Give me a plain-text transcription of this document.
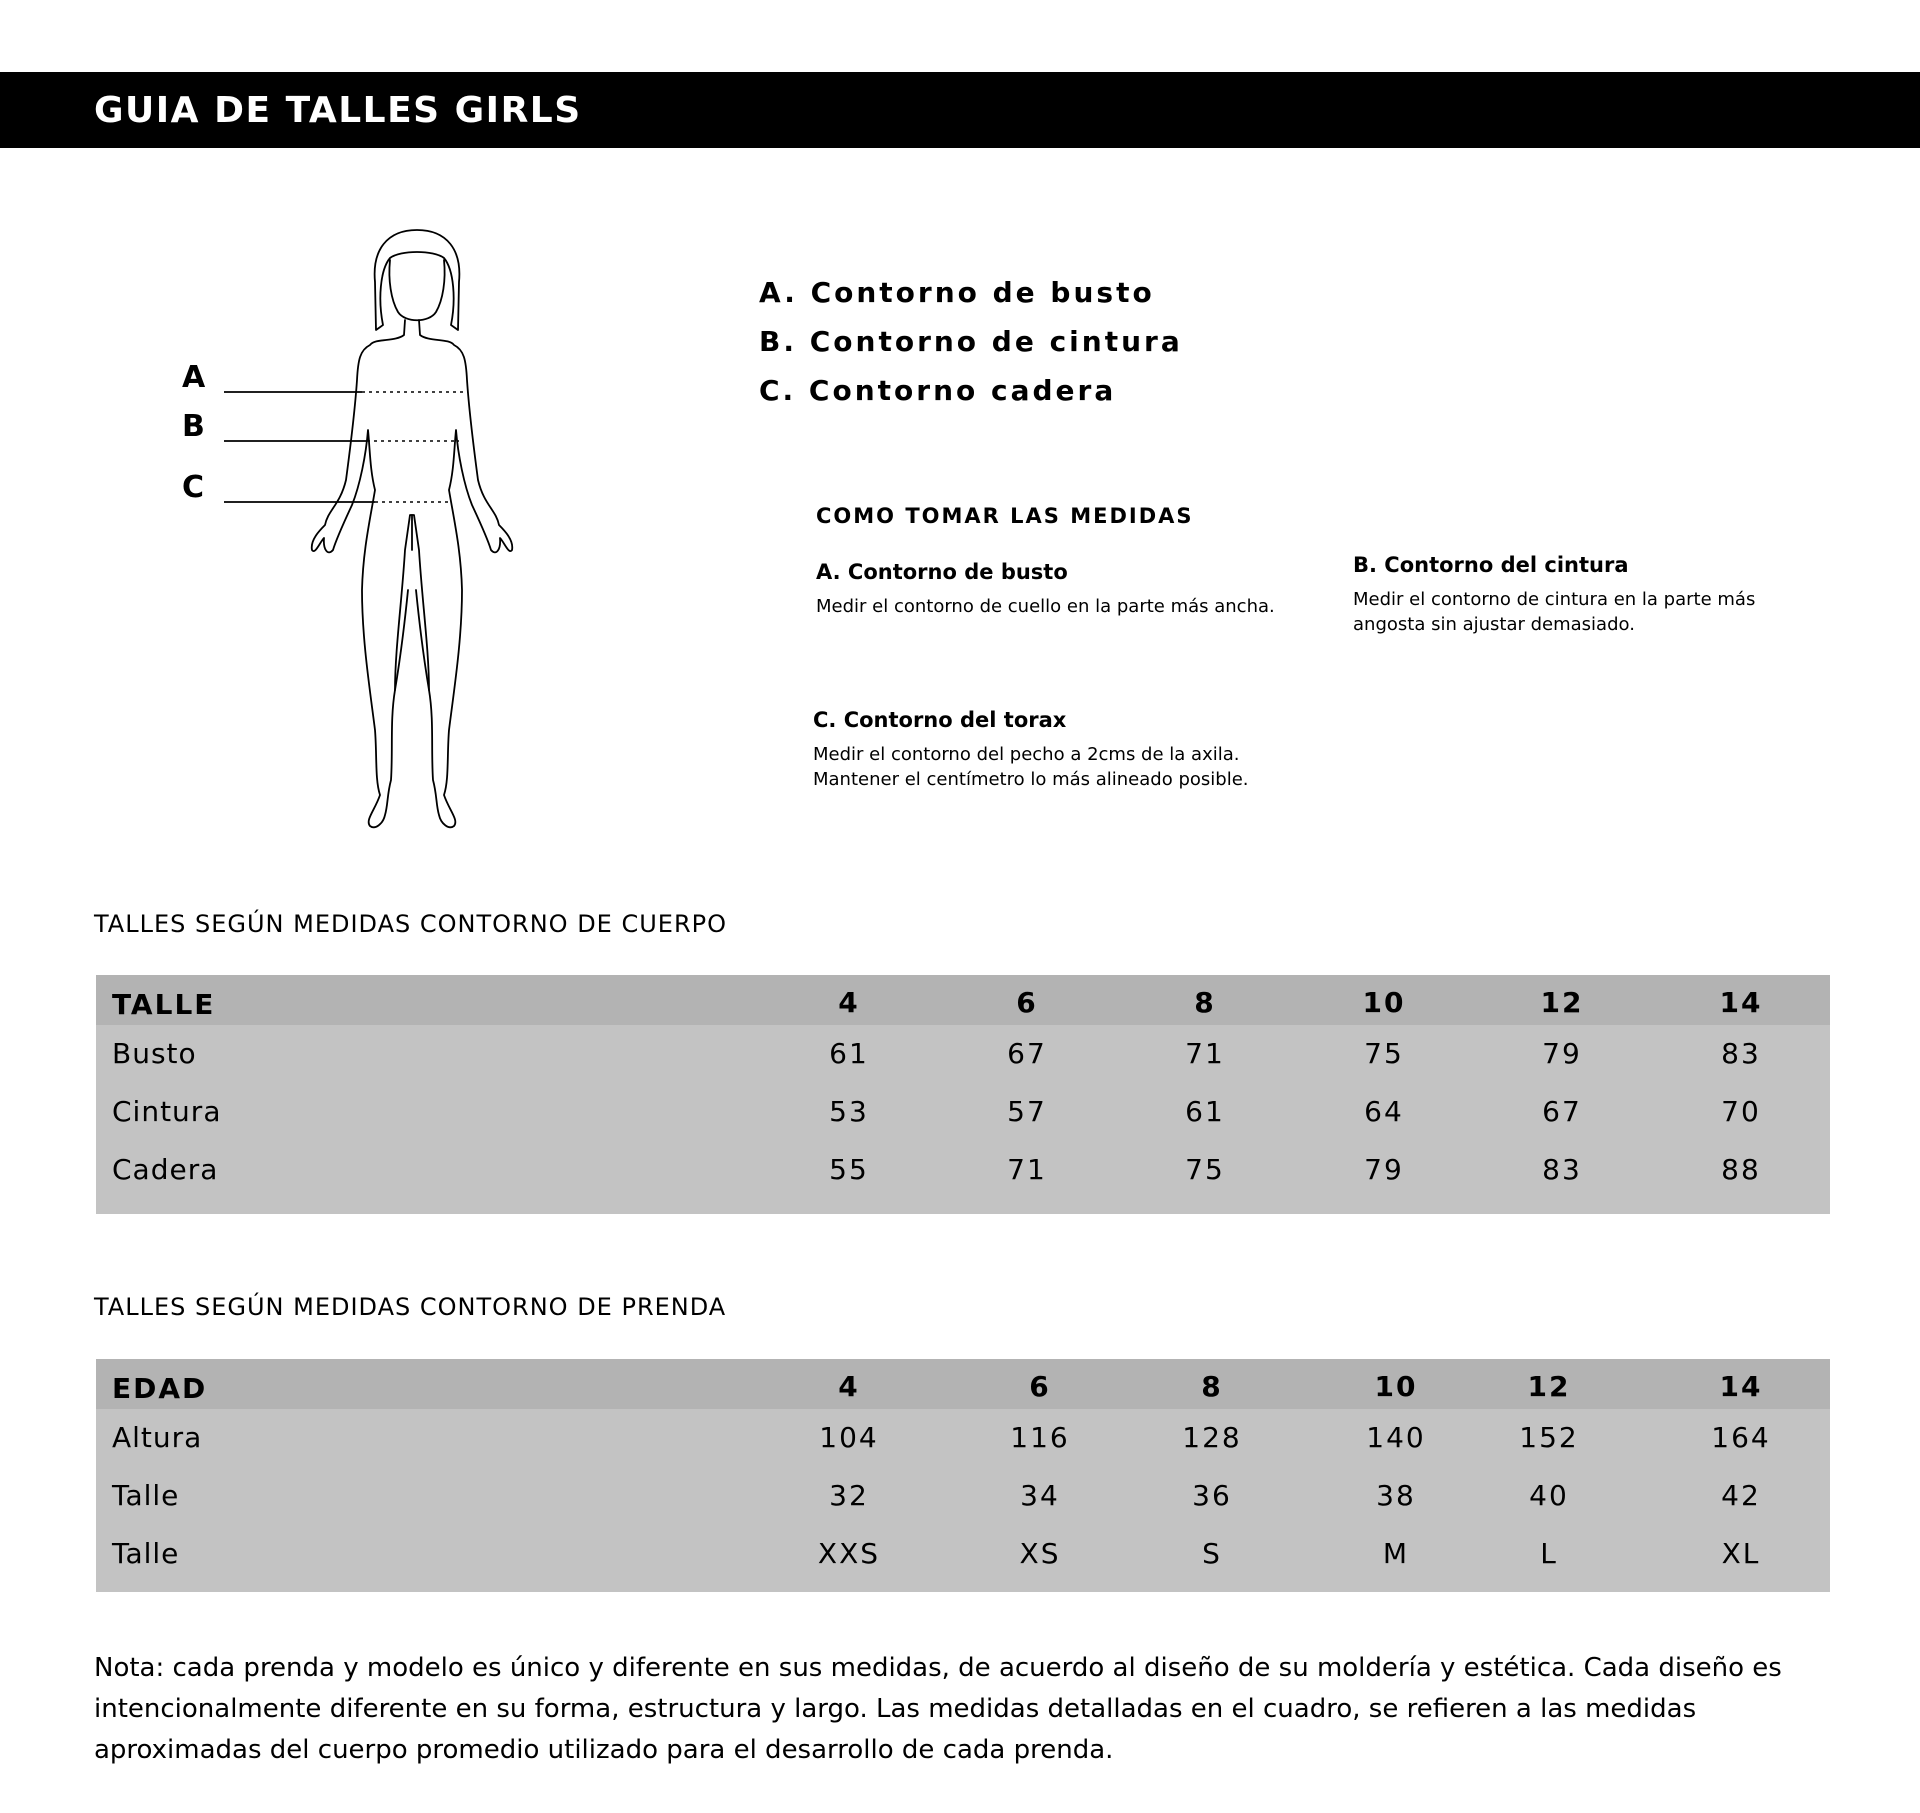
GUIA DE TALLES GIRLS
A
B
C
A. Contorno de busto
B. Contorno de cintura
C. Contorno cadera
COMO TOMAR LAS MEDIDAS
A. Contorno de busto
Medir el contorno de cuello en la parte más ancha.
B. Contorno del cintura
Medir el contorno de cintura en la parte más angosta sin ajustar demasiado.
C. Contorno del torax
Medir el contorno del pecho a 2cms de la axila. Mantener el centímetro lo más alineado posible.
TALLES SEGÚN MEDIDAS CONTORNO DE CUERPO
TALLE	4	6	8	10	12	14
Busto	61	67	71	75	79	83
Cintura	53	57	61	64	67	70
Cadera	55	71	75	79	83	88
TALLES SEGÚN MEDIDAS CONTORNO DE PRENDA
EDAD	4	6	8	10	12	14
Altura	104	116	128	140	152	164
Talle	32	34	36	38	40	42
Talle	XXS	XS	S	M	L	XL
Nota: cada prenda y modelo es único y diferente en sus medidas, de acuerdo al diseño de su moldería y estética. Cada diseño es intencionalmente diferente en su forma, estructura y largo. Las medidas detalladas en el cuadro, se refieren a las medidas aproximadas del cuerpo promedio utilizado para el desarrollo de cada prenda.
